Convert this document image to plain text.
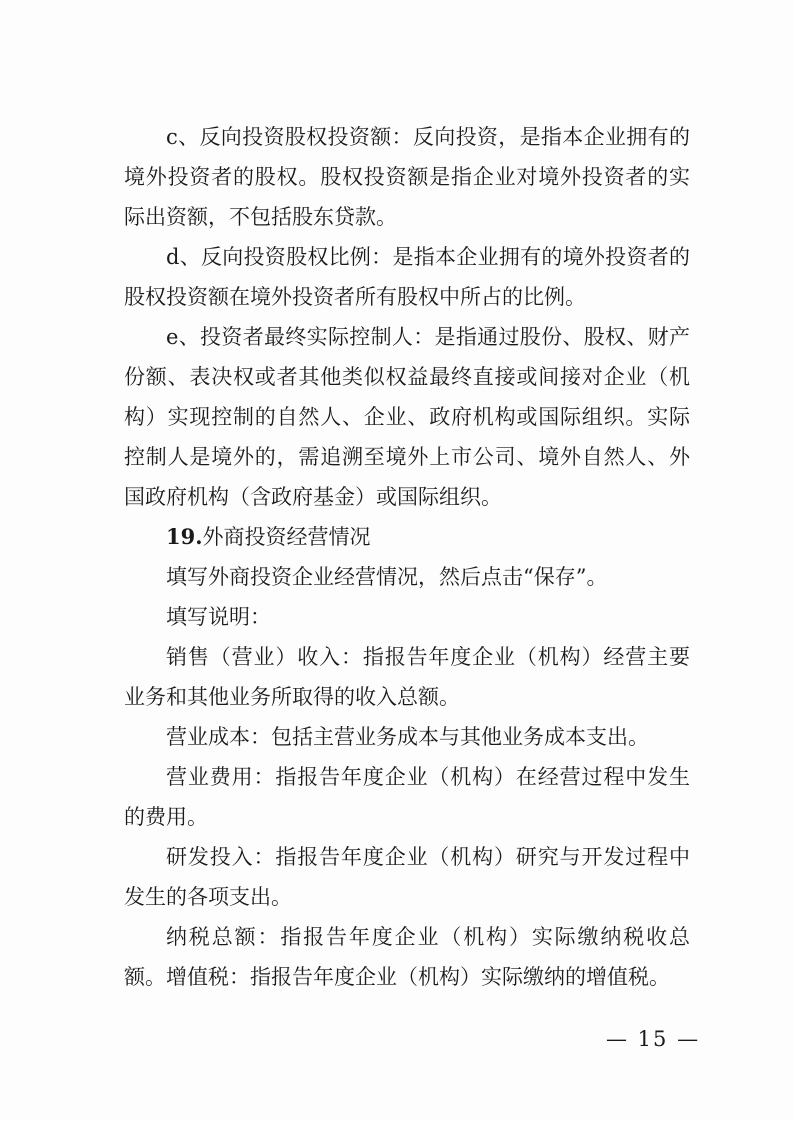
c、反向投资股权投资额：反向投资，是指本企业拥有的境外投资者的股权。股权投资额是指企业对境外投资者的实际出资额，不包括股东贷款。

d、反向投资股权比例：是指本企业拥有的境外投资者的股权投资额在境外投资者所有股权中所占的比例。

e、投资者最终实际控制人：是指通过股份、股权、财产份额、表决权或者其他类似权益最终直接或间接对企业（机构）实现控制的自然人、企业、政府机构或国际组织。实际控制人是境外的，需追溯至境外上市公司、境外自然人、外国政府机构（含政府基金）或国际组织。

19.外商投资经营情况

填写外商投资企业经营情况，然后点击“保存”。

填写说明：

销售（营业）收入：指报告年度企业（机构）经营主要业务和其他业务所取得的收入总额。

营业成本：包括主营业务成本与其他业务成本支出。

营业费用：指报告年度企业（机构）在经营过程中发生的费用。

研发投入：指报告年度企业（机构）研究与开发过程中发生的各项支出。

纳税总额：指报告年度企业（机构）实际缴纳税收总额。 增值税：指报告年度企业（机构）实际缴纳的增值税。

— 15 —
